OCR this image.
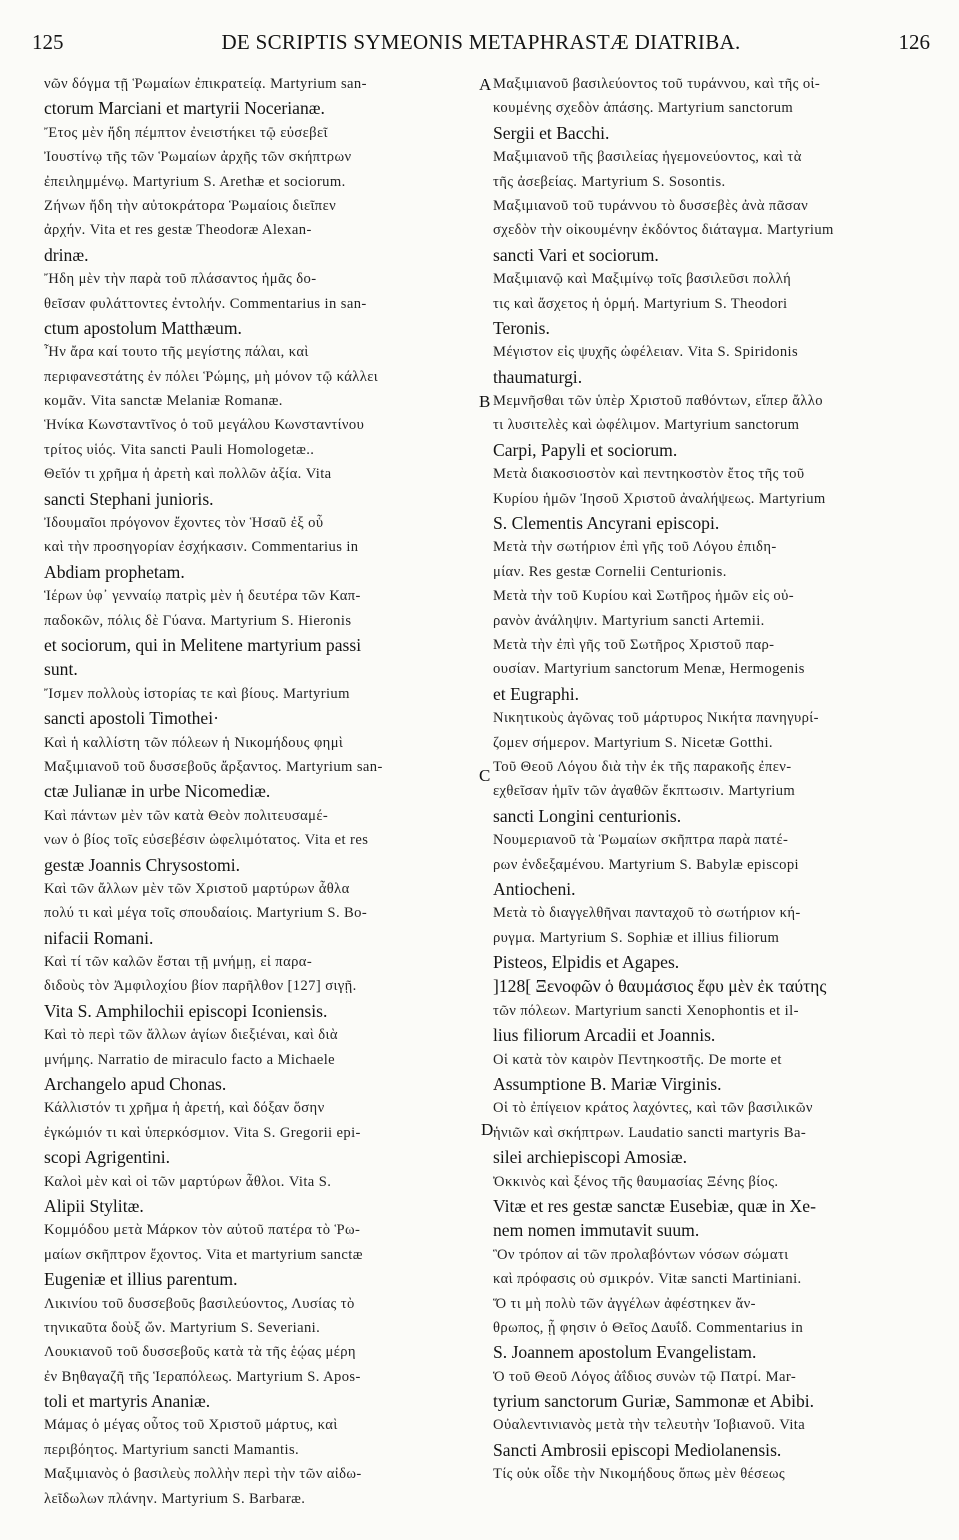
125	DE SCRIPTIS SYMEONIS METAPHRASTÆ DIATRIBA.	126
νῶν δόγμα τῇ Ῥωμαίων ἐπικρατείᾳ. Martyrium san-
ctorum Marciani et martyrii Nocerianæ.
Ἔτος μὲν ἤδη πέμπτον ἐνειστήκει τῷ εὐσεβεῖ
Ἰουστίνῳ τῆς τῶν Ῥωμαίων ἀρχῆς τῶν σκήπτρων
ἐπειλημμένῳ. Martyrium S. Arethæ et sociorum.
Ζήνων ἤδη τὴν αὐτοκράτορα Ῥωμαίοις διεῖπεν
ἀρχήν. Vita et res gestæ Theodoræ Alexan-
drinæ.
Ἤδη μὲν τὴν παρὰ τοῦ πλάσαντος ἡμᾶς δο-
θεῖσαν φυλάττοντες ἐντολήν. Commentarius in san-
ctum apostolum Matthæum.
Ἦν ἄρα καί τουτο τῆς μεγίστης πάλαι, καὶ
περιφανεστάτης ἐν πόλει Ῥώμης, μὴ μόνον τῷ κάλλει
κομᾶν. Vita sanctæ Melaniæ Romanæ.
Ἡνίκα Κωνσταντῖνος ὁ τοῦ μεγάλου Κωνσταντίνου
τρίτος υἱός. Vita sancti Pauli Homologetæ..
Θεῖόν τι χρῆμα ἡ ἀρετὴ καὶ πολλῶν ἀξία. Vita
sancti Stephani junioris.
Ἰδουμαῖοι πρόγονον ἔχοντες τὸν Ἡσαῦ ἐξ οὗ
καὶ τὴν προσηγορίαν ἐσχήκασιν. Commentarius in
Abdiam prophetam.
Ἱέρων ὑφ᾽ γενναίῳ πατρὶς μὲν ἡ δευτέρα τῶν Καπ-
παδοκῶν, πόλις δὲ Γύανα. Martyrium S. Hieronis
et sociorum, qui in Melitene martyrium passi
sunt.
Ἴσμεν πολλοὺς ἱστορίας τε καὶ βίους. Martyrium
sancti apostoli Timothei·
Καὶ ἡ καλλίστη τῶν πόλεων ἡ Νικομήδους φημὶ
Μαξιμιανοῦ τοῦ δυσσεβοῦς ἄρξαντος. Martyrium san-
ctæ Julianæ in urbe Nicomediæ.
Καὶ πάντων μὲν τῶν κατὰ Θεὸν πολιτευσαμέ-
νων ὁ βίος τοῖς εὐσεβέσιν ὠφελιμότατος. Vita et res
gestæ Joannis Chrysostomi.
Καὶ τῶν ἄλλων μὲν τῶν Χριστοῦ μαρτύρων ἆθλα
πολύ τι καὶ μέγα τοῖς σπουδαίοις. Martyrium S. Bo-
nifacii Romani.
Καὶ τί τῶν καλῶν ἔσται τῇ μνήμῃ, εἰ παρα-
διδοὺς τὸν Ἀμφιλοχίου βίον παρῆλθον [127] σιγῇ.
Vita S. Amphilochii episcopi Iconiensis.
Καὶ τὸ περὶ τῶν ἄλλων ἁγίων διεξιέναι, καὶ διὰ
μνήμης. Narratio de miraculo facto a Michaele
Archangelo apud Chonas.
Κάλλιστόν τι χρῆμα ἡ ἀρετή, καὶ δόξαν ὅσην
ἐγκώμιόν τι καὶ ὑπερκόσμιον. Vita S. Gregorii epi-
scopi Agrigentini.
Καλοὶ μὲν καὶ οἱ τῶν μαρτύρων ἆθλοι. Vita S.
Alipii Stylitæ.
Κομμόδου μετὰ Μάρκον τὸν αὐτοῦ πατέρα τὸ Ῥω-
μαίων σκῆπτρον ἔχοντος. Vita et martyrium sanctæ
Eugeniæ et illius parentum.
Λικινίου τοῦ δυσσεβοῦς βασιλεύοντος, Λυσίας τὸ
τηνικαῦτα δοὺξ ὤν. Martyrium S. Severiani.
Λουκιανοῦ τοῦ δυσσεβοῦς κατὰ τὰ τῆς ἑῴας μέρη
ἐν Βηθαγαζῆ τῆς Ἱεραπόλεως. Martyrium S. Apos-
toli et martyris Ananiæ.
Μάμας ὁ μέγας οὗτος τοῦ Χριστοῦ μάρτυς, καὶ
περιβόητος. Martyrium sancti Mamantis.
Μαξιμιανὸς ὁ βασιλεὺς πολλὴν περὶ τὴν τῶν αἰδω-
λεῖδωλων πλάνην. Martyrium S. Barbaræ.
Μαξιμιανοῦ βασιλεύοντος τοῦ τυράννου, καὶ τῆς οἰ-
κουμένης σχεδὸν ἁπάσης. Martyrium sanctorum
Sergii et Bacchi.
Μαξιμιανοῦ τῆς βασιλείας ἡγεμονεύοντος, καὶ τὰ
τῆς ἀσεβείας. Martyrium S. Sosontis.
Μαξιμιανοῦ τοῦ τυράννου τὸ δυσσεβὲς ἀνὰ πᾶσαν
σχεδὸν τὴν οἰκουμένην ἐκδόντος διάταγμα. Martyrium
sancti Vari et sociorum.
Μαξιμιανῷ καὶ Μαξιμίνῳ τοῖς βασιλεῦσι πολλή
τις καὶ ἄσχετος ἡ ὁρμή. Martyrium S. Theodori
Teronis.
Μέγιστον εἰς ψυχῆς ὠφέλειαν. Vita S. Spiridonis
thaumaturgi.
Μεμνῆσθαι τῶν ὑπὲρ Χριστοῦ παθόντων, εἴπερ ἄλλο
τι λυσιτελὲς καὶ ὠφέλιμον. Martyrium sanctorum
Carpi, Papyli et sociorum.
Μετὰ διακοσιοστὸν καὶ πεντηκοστὸν ἔτος τῆς τοῦ
Κυρίου ἡμῶν Ἰησοῦ Χριστοῦ ἀναλήψεως. Martyrium
S. Clementis Ancyrani episcopi.
Μετὰ τὴν σωτήριον ἐπὶ γῆς τοῦ Λόγου ἐπιδη-
μίαν. Res gestæ Cornelii Centurionis.
Μετὰ τὴν τοῦ Κυρίου καὶ Σωτῆρος ἡμῶν εἰς οὐ-
ρανὸν ἀνάληψιν. Martyrium sancti Artemii.
Μετὰ τὴν ἐπὶ γῆς τοῦ Σωτῆρος Χριστοῦ παρ-
ουσίαν. Martyrium sanctorum Menæ, Hermogenis
et Eugraphi.
Νικητικοὺς ἀγῶνας τοῦ μάρτυρος Νικήτα πανηγυρί-
ζομεν σήμερον. Martyrium S. Nicetæ Gotthi.
Τοῦ Θεοῦ Λόγου διὰ τὴν ἐκ τῆς παρακοῆς ἐπεν-
εχθεῖσαν ἡμῖν τῶν ἀγαθῶν ἔκπτωσιν. Martyrium
sancti Longini centurionis.
Νουμεριανοῦ τὰ Ῥωμαίων σκῆπτρα παρὰ πατέ-
ρων ἐνδεξαμένου. Martyrium S. Babylæ episcopi
Antiocheni.
Μετὰ τὸ διαγγελθῆναι πανταχοῦ τὸ σωτήριον κή-
ρυγμα. Martyrium S. Sophiæ et illius filiorum
Pisteos, Elpidis et Agapes.
]128[ Ξενοφῶν ὁ θαυμάσιος ἔφυ μὲν ἐκ ταύτης
τῶν πόλεων. Martyrium sancti Xenophontis et il-
lius filiorum Arcadii et Joannis.
Οἱ κατὰ τὸν καιρὸν Πεντηκοστῆς. De morte et
Assumptione B. Mariæ Virginis.
Οἱ τὸ ἐπίγειον κράτος λαχόντες, καὶ τῶν βασιλικῶν
ἡνιῶν καὶ σκήπτρων. Laudatio sancti martyris Ba-
silei archiepiscopi Amosiæ.
Ὀκκινὸς καὶ ξένος τῆς θαυμασίας Ξένης βίος.
Vitæ et res gestæ sanctæ Eusebiæ, quæ in Xe-
nem nomen immutavit suum.
Ὃν τρόπον αἱ τῶν προλαβόντων νόσων σώματι
καὶ πρόφασις οὐ σμικρόν. Vitæ sancti Martiniani.
Ὅ τι μὴ πολὺ τῶν ἀγγέλων ἀφέστηκεν ἄν-
θρωπος, ᾗ φησιν ὁ Θεῖος Δαυΐδ. Commentarius in
S. Joannem apostolum Evangelistam.
Ὁ τοῦ Θεοῦ Λόγος ἀΐδιος συνὼν τῷ Πατρί. Mar-
tyrium sanctorum Guriæ, Sammonæ et Abibi.
Οὐαλεντινιανὸς μετὰ τὴν τελευτὴν Ἰοβιανοῦ. Vita
Sancti Ambrosii episcopi Mediolanensis.
Τίς οὐκ οἶδε τὴν Νικομήδους ὅπως μὲν θέσεως
A
B
C
D
